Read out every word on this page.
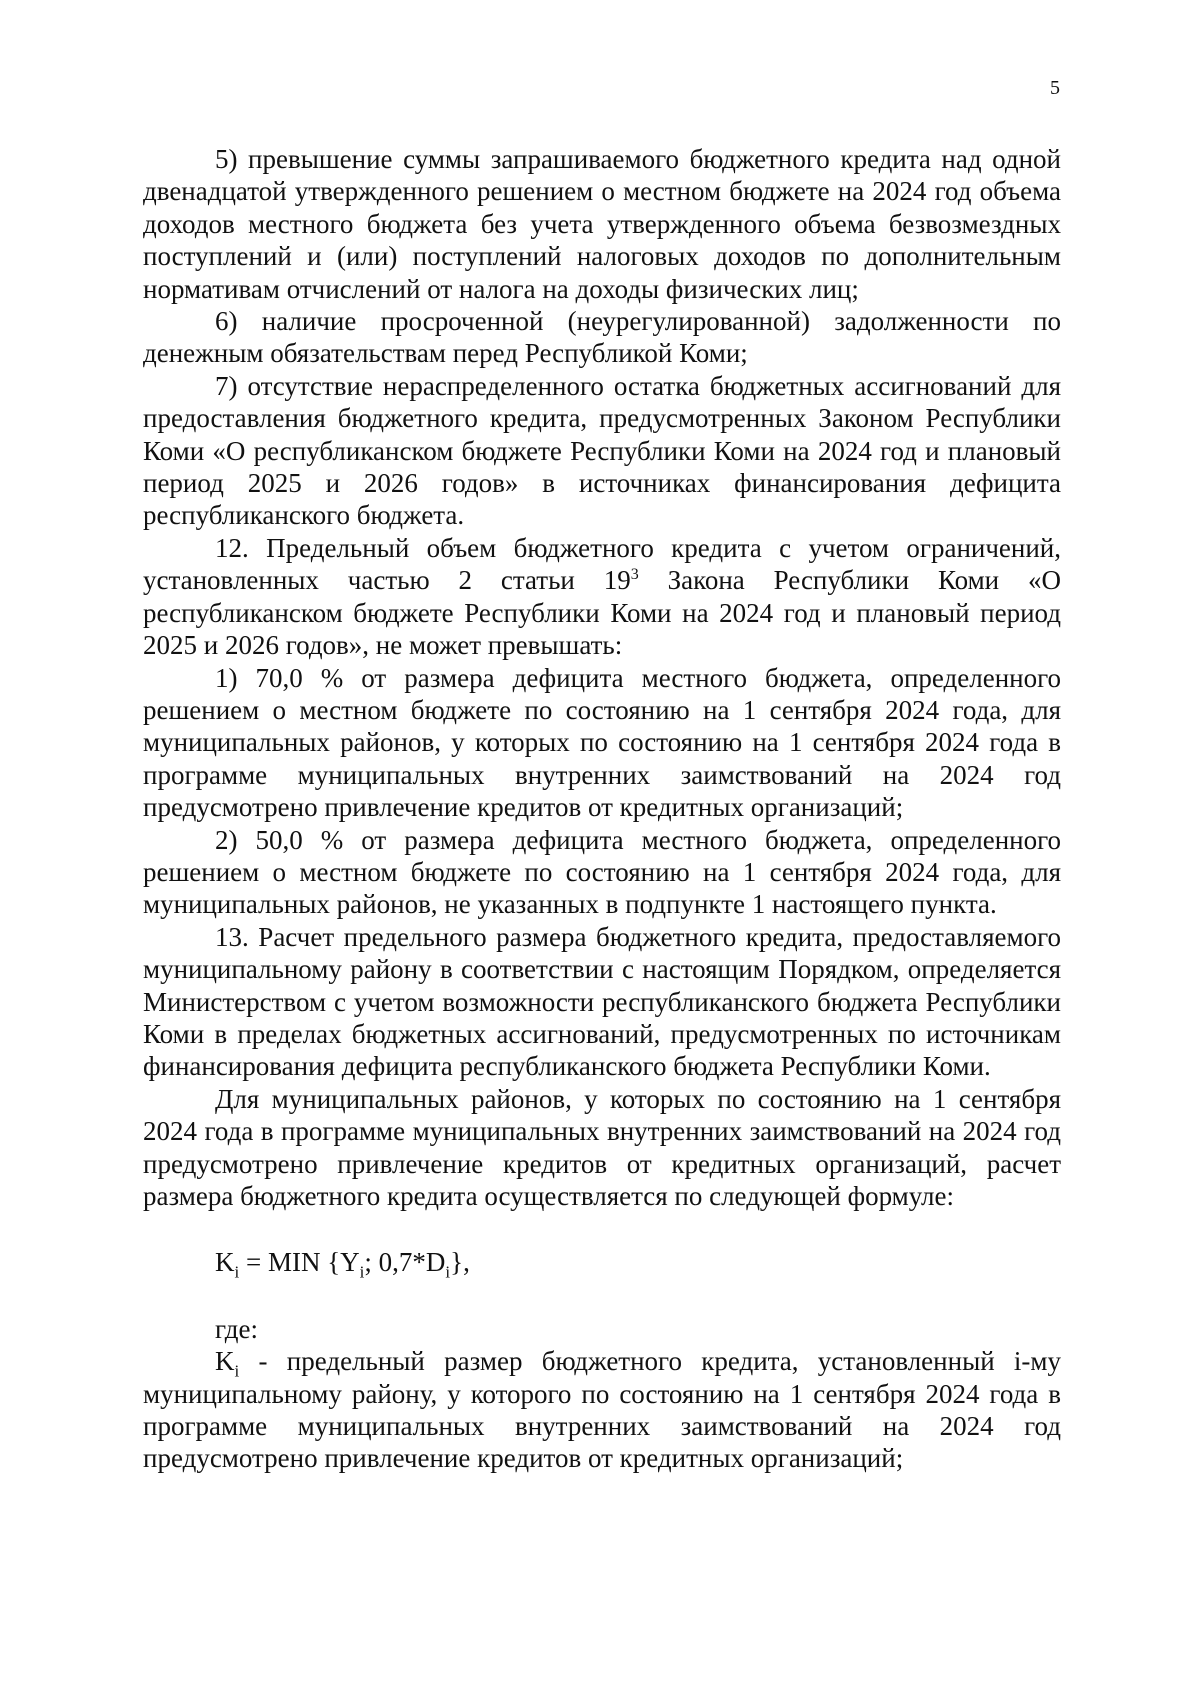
5

5) превышение суммы запрашиваемого бюджетного кредита над одной двенадцатой утвержденного решением о местном бюджете на 2024 год объема доходов местного бюджета без учета утвержденного объема безвозмездных поступлений и (или) поступлений налоговых доходов по дополнительным нормативам отчислений от налога на доходы физических лиц;

6) наличие просроченной (неурегулированной) задолженности по денежным обязательствам перед Республикой Коми;

7) отсутствие нераспределенного остатка бюджетных ассигнований для предоставления бюджетного кредита, предусмотренных Законом Республики Коми «О республиканском бюджете Республики Коми на 2024 год и плановый период 2025 и 2026 годов» в источниках финансирования дефицита республиканского бюджета.

12. Предельный объем бюджетного кредита с учетом ограничений, установленных частью 2 статьи $19^3$ Закона Республики Коми «О республиканском бюджете Республики Коми на 2024 год и плановый период 2025 и 2026 годов», не может превышать:

1) 70,0 % от размера дефицита местного бюджета, определенного решением о местном бюджете по состоянию на 1 сентября 2024 года, для муниципальных районов, у которых по состоянию на 1 сентября 2024 года в программе муниципальных внутренних заимствований на 2024 год предусмотрено привлечение кредитов от кредитных организаций;

2) 50,0 % от размера дефицита местного бюджета, определенного решением о местном бюджете по состоянию на 1 сентября 2024 года, для муниципальных районов, не указанных в подпункте 1 настоящего пункта.

13. Расчет предельного размера бюджетного кредита, предоставляемого муниципальному району в соответствии с настоящим Порядком, определяется Министерством с учетом возможности республиканского бюджета Республики Коми в пределах бюджетных ассигнований, предусмотренных по источникам финансирования дефицита республиканского бюджета Республики Коми.

Для муниципальных районов, у которых по состоянию на 1 сентября 2024 года в программе муниципальных внутренних заимствований на 2024 год предусмотрено привлечение кредитов от кредитных организаций, расчет размера бюджетного кредита осуществляется по следующей формуле:

$K_i$ = MIN {$Y_i$; $0,7*D_i$},

где:

$K_i$ - предельный размер бюджетного кредита, установленный i-му муниципальному району, у которого по состоянию на 1 сентября 2024 года в программе муниципальных внутренних заимствований на 2024 год предусмотрено привлечение кредитов от кредитных организаций;
